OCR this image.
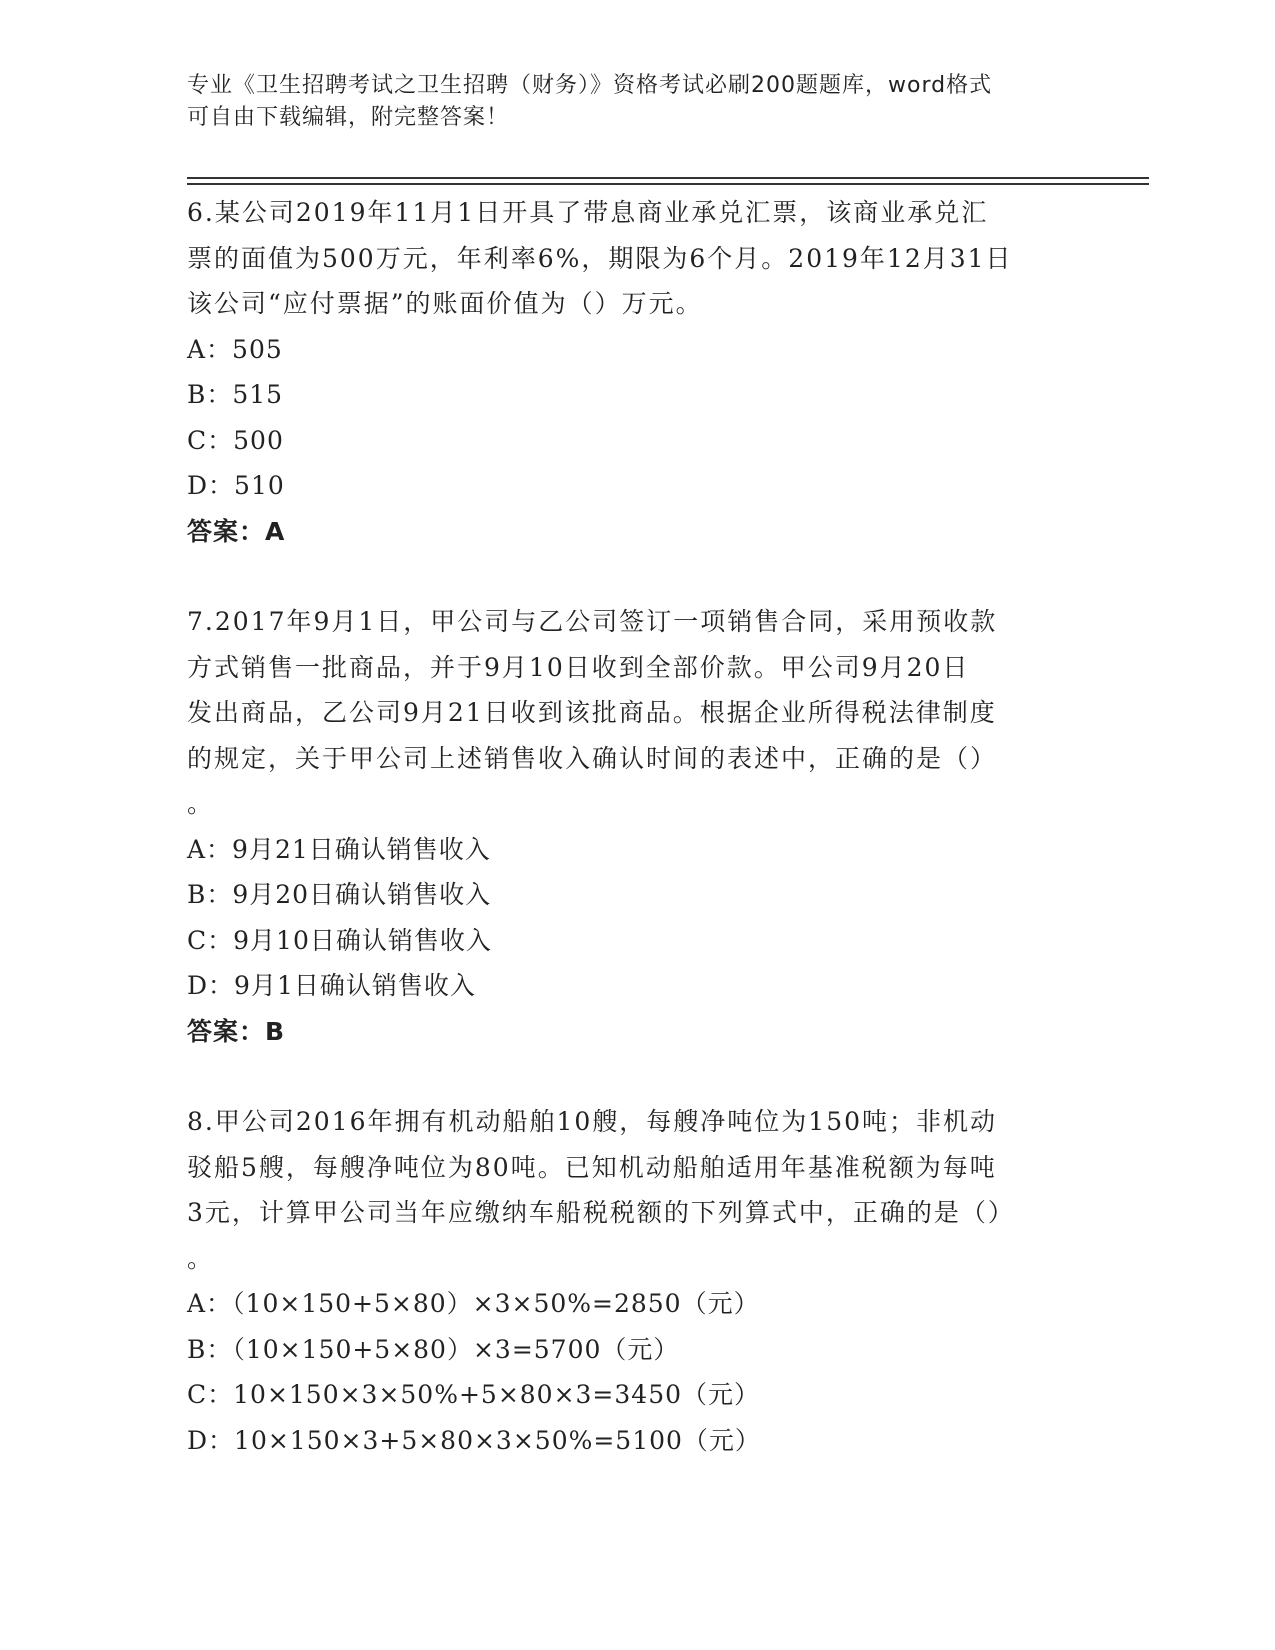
专业《卫生招聘考试之卫生招聘（财务）》资格考试必刷200题题库，word格式
可自由下载编辑，附完整答案！
6.某公司2019年11月1日开具了带息商业承兑汇票，该商业承兑汇
票的面值为500万元，年利率6%，期限为6个月。2019年12月31日
该公司“应付票据”的账面价值为（）万元。
A：505
B：515
C：500
D：510
答案：A
7.2017年9月1日，甲公司与乙公司签订一项销售合同，采用预收款
方式销售一批商品，并于9月10日收到全部价款。甲公司9月20日
发出商品，乙公司9月21日收到该批商品。根据企业所得税法律制度
的规定，关于甲公司上述销售收入确认时间的表述中，正确的是（）
。
A：9月21日确认销售收入
B：9月20日确认销售收入
C：9月10日确认销售收入
D：9月1日确认销售收入
答案：B
8.甲公司2016年拥有机动船舶10艘，每艘净吨位为150吨；非机动
驳船5艘，每艘净吨位为80吨。已知机动船舶适用年基准税额为每吨
3元，计算甲公司当年应缴纳车船税税额的下列算式中，正确的是（）
。
A：（10×150+5×80）×3×50%=2850（元）
B：（10×150+5×80）×3=5700（元）
C：10×150×3×50%+5×80×3=3450（元）
D：10×150×3+5×80×3×50%=5100（元）
